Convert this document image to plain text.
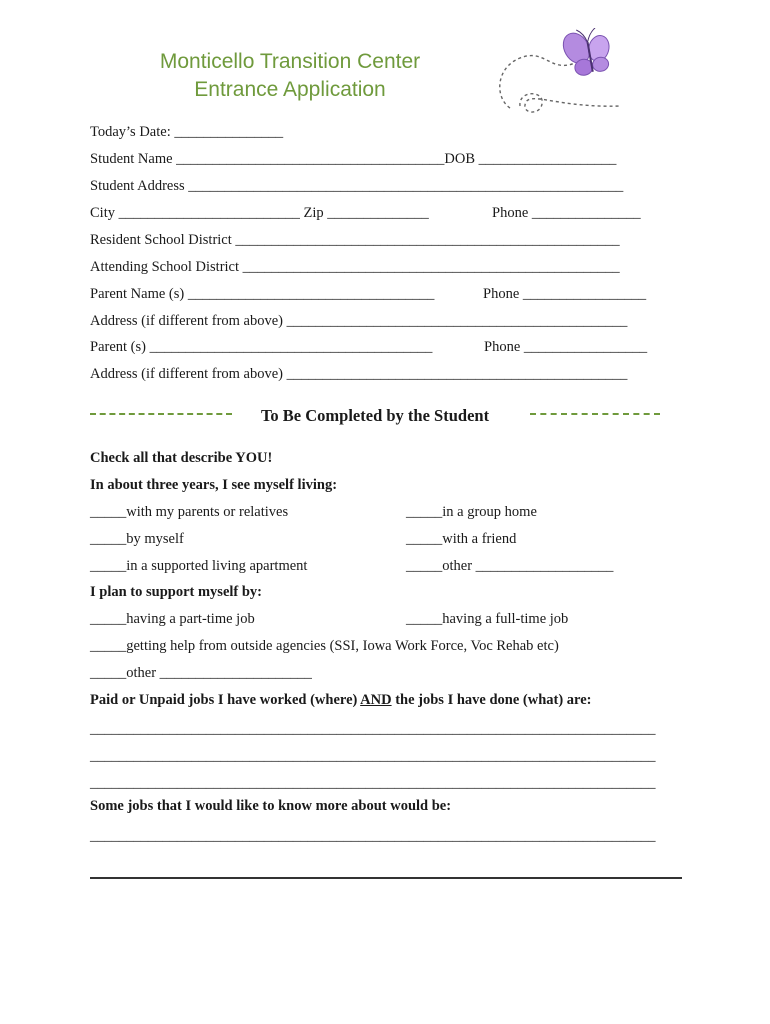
Monticello Transition Center
Entrance Application
Today’s Date: _______________
Student Name _____________________________________DOB ___________________
Student Address ____________________________________________________________
City _________________________ Zip ______________	Phone _______________
Resident School District _____________________________________________________
Attending School District ____________________________________________________
Parent Name (s) __________________________________	Phone _________________
Address (if different from above) _______________________________________________
Parent (s) _______________________________________	Phone _________________
Address (if different from above) _______________________________________________
To Be Completed by the Student
Check all that describe YOU!
In about three years, I see myself living:
_____with my parents or relatives	_____in a group home
_____by myself	_____with a friend
_____in a supported living apartment	_____other ___________________
I plan to support myself by:
_____having a part-time job	_____having a full-time job
_____getting help from outside agencies (SSI, Iowa Work Force, Voc Rehab etc)
_____other _____________________
Paid or Unpaid jobs I have worked (where) AND the jobs I have done (what) are:
______________________________________________________________________________
______________________________________________________________________________
______________________________________________________________________________
Some jobs that I would like to know more about would be:
______________________________________________________________________________
